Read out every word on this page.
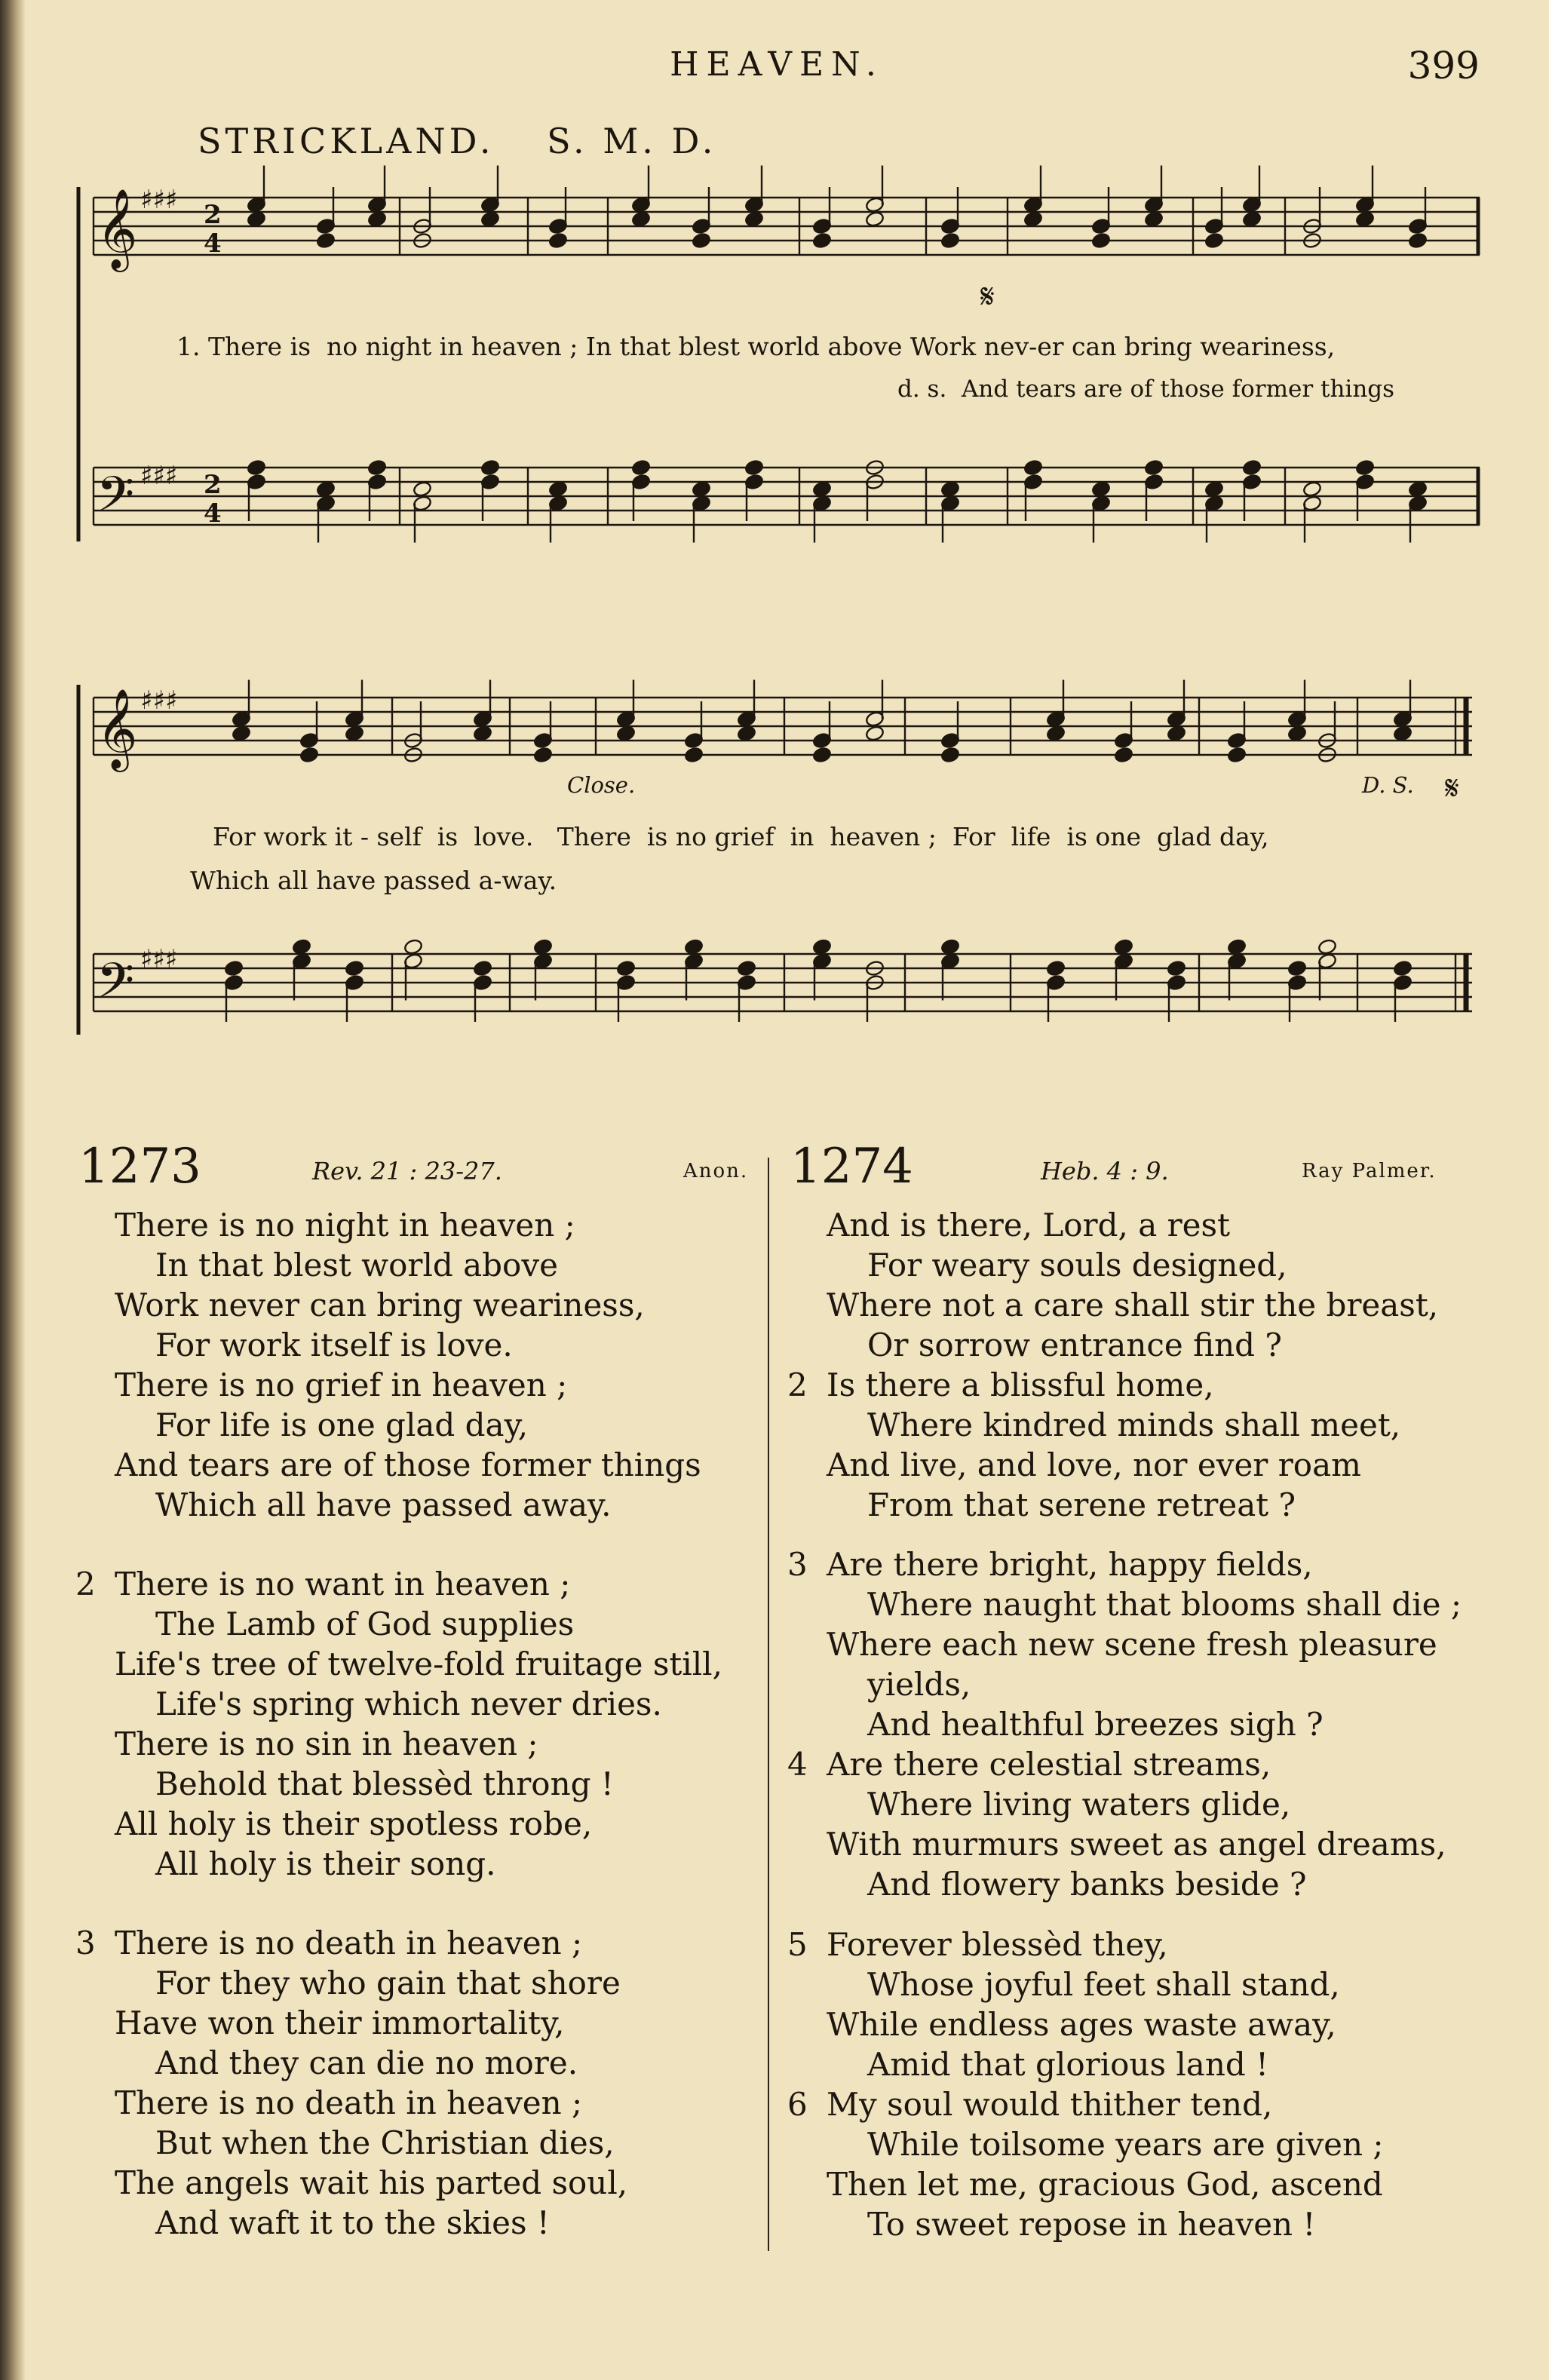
HEAVEN.	399
STRICKLAND. S. M. D.
𝄞
𝄢
𝄞
𝄢
♯♯♯
♯♯♯
♯♯♯
♯♯♯
2
4
2
4
𝄋
𝄋
1. There is  no night in heaven ; In that blest world above Work nev-er can bring weariness,
d. s.  And tears are of those former things
For work it - self  is  love.   There  is no grief  in  heaven ;  For  life  is one  glad day,
Which all have passed a-way.
Close.	D. S.
1273	Rev. 21 : 23-27.	Anon. 1274	Heb. 4 : 9.	Ray Palmer.
There is no night in heaven ;
In that blest world above
Work never can bring weariness,
For work itself is love.
There is no grief in heaven ;
For life is one glad day,
And tears are of those former things
Which all have passed away.
2 There is no want in heaven ;
The Lamb of God supplies
Life's tree of twelve-fold fruitage still,
Life's spring which never dries.
There is no sin in heaven ;
Behold that blessèd throng !
All holy is their spotless robe,
All holy is their song.
3 There is no death in heaven ;
For they who gain that shore
Have won their immortality,
And they can die no more.
There is no death in heaven ;
But when the Christian dies,
The angels wait his parted soul,
And waft it to the skies !
And is there, Lord, a rest
For weary souls designed,
Where not a care shall stir the breast,
Or sorrow entrance find ?
2 Is there a blissful home,
Where kindred minds shall meet,
And live, and love, nor ever roam
From that serene retreat ?
3 Are there bright, happy fields,
Where naught that blooms shall die ;
Where each new scene fresh pleasure
yields,
And healthful breezes sigh ?
4 Are there celestial streams,
Where living waters glide,
With murmurs sweet as angel dreams,
And flowery banks beside ?
5 Forever blessèd they,
Whose joyful feet shall stand,
While endless ages waste away,
Amid that glorious land !
6 My soul would thither tend,
While toilsome years are given ;
Then let me, gracious God, ascend
To sweet repose in heaven !
